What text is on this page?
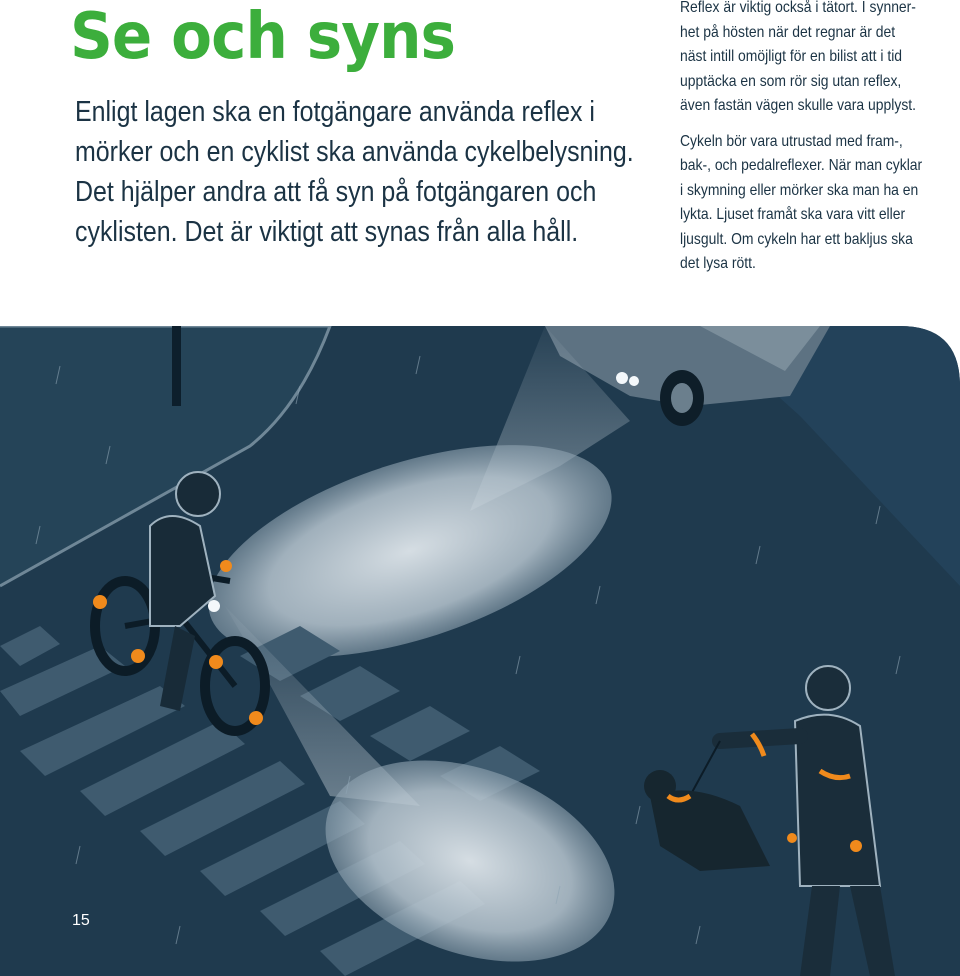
Se och syns
Enligt lagen ska en fotgängare använda reflex i
mörker och en cyklist ska använda cykelbelysning.
Det hjälper andra att få syn på fotgängaren och
cyklisten. Det är viktigt att synas från alla håll.

Reflex är viktig också i tätort. I synner-
het på hösten när det regnar är det
näst intill omöjligt för en bilist att i tid
upptäcka en som rör sig utan reflex,
även fastän vägen skulle vara upplyst.

Cykeln bör vara utrustad med fram-,
bak-, och pedalreflexer. När man cyklar
i skymning eller mörker ska man ha en
lykta. Ljuset framåt ska vara vitt eller
ljusgult. Om cykeln har ett bakljus ska
det lysa rött.

15
